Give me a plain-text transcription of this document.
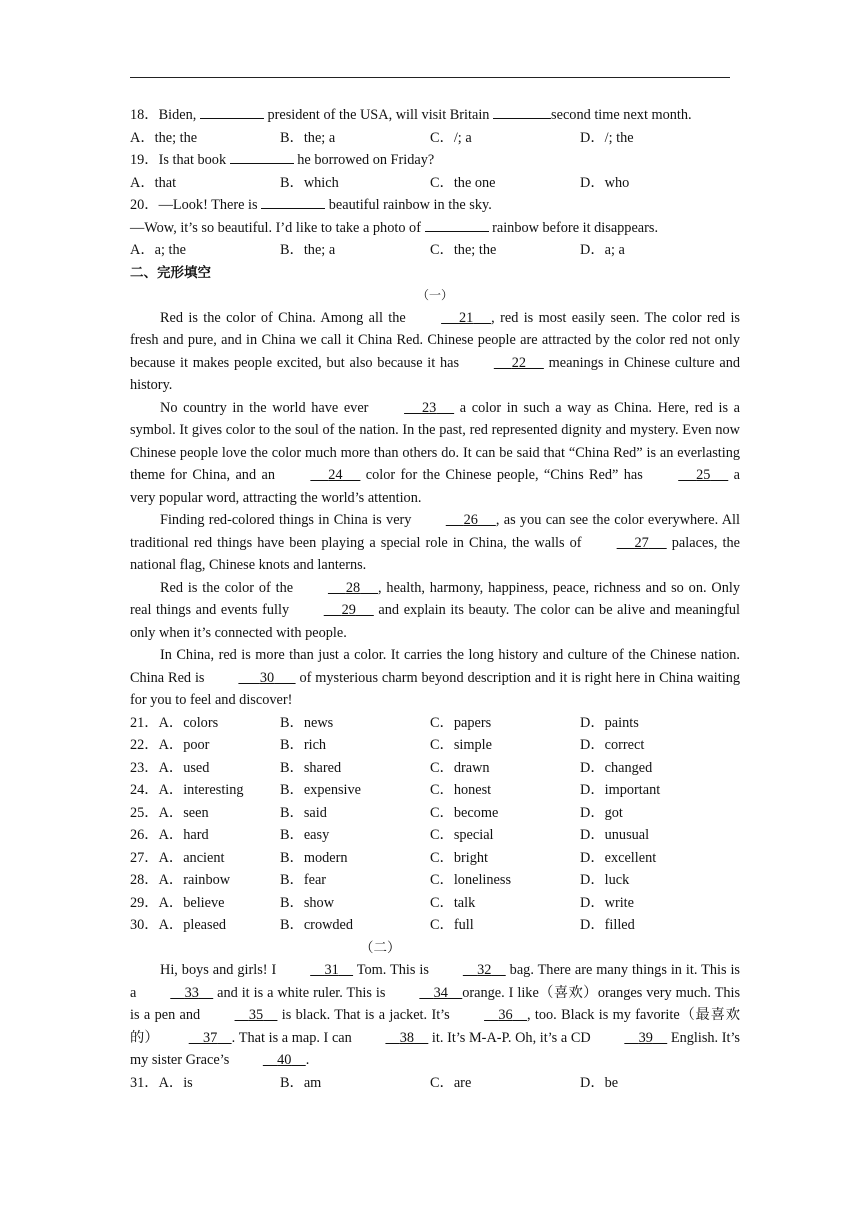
18．Biden,	president of the USA, will visit Britain	second time next month.
A．the; the	B．the; a	C．/; a	D．/; the
19．Is that book	he borrowed on Friday?
A．that	B．which	C．the one	D．who
20．—Look! There is	beautiful rainbow in the sky.
—Wow, it’s so beautiful. I’d like to take a photo of	rainbow before it disappears.
A．a; the	B．the; a	C．the; the	D．a; a
二、完形填空
（一）
Red is the color of China. Among all the	21 , red is most easily seen. The color red is fresh and pure, and in China we call it China Red. Chinese people are attracted by the color red not only because it makes people excited, but also because it has	22      meanings in Chinese culture and history.
No country in the world have ever	23      a color in such a way as China. Here, red is a symbol. It gives color to the soul of the nation. In the past, red represented dignity and mystery. Even now Chinese people love the color much more than others do. It can be said that “China Red” is an everlasting theme for China, and an	24      color for the Chinese people, “Chins Red” has	25      a very popular word, attracting the world’s attention.
Finding red-colored things in China is very	26 , as you can see the color everywhere. All traditional red things have been playing a special role in China, the walls of	27      palaces, the national flag, Chinese knots and lanterns.
Red is the color of the	28 , health, harmony, happiness, peace, richness and so on. Only real things and events fully	29      and explain its beauty. The color can be alive and meaningful only when it’s connected with people.
In China, red is more than just a color. It carries the long history and culture of the Chinese nation. China Red is	30       of mysterious charm beyond description and it is right here in China waiting for you to feel and discover!
21．A．colors	B．news	C．papers	D．paints
22．A．poor	B．rich	C．simple	D．correct
23．A．used	B．shared	C．drawn	D．changed
24．A．interesting	B．expensive	C．honest	D．important
25．A．seen	B．said	C．become	D．got
26．A．hard	B．easy	C．special	D．unusual
27．A．ancient	B．modern	C．bright	D．excellent
28．A．rainbow	B．fear	C．loneliness	D．luck
29．A．believe	B．show	C．talk	D．write
30．A．pleased	B．crowded	C．full	D．filled
（二）
Hi, boys and girls! I	31     Tom. This is	32     bag. There are many things in it. This is a	33     and it is a white ruler. This is	34 orange. I like（喜欢）oranges very much. This is a pen and	35     is black. That is a jacket. It’s	36 , too. Black is my favorite（最喜欢的）	37 . That is a map. I can	38     it. It’s M-A-P. Oh, it’s a CD	39     English. It’s my sister Grace’s	40 .
31．A．is	B．am	C．are	D．be
